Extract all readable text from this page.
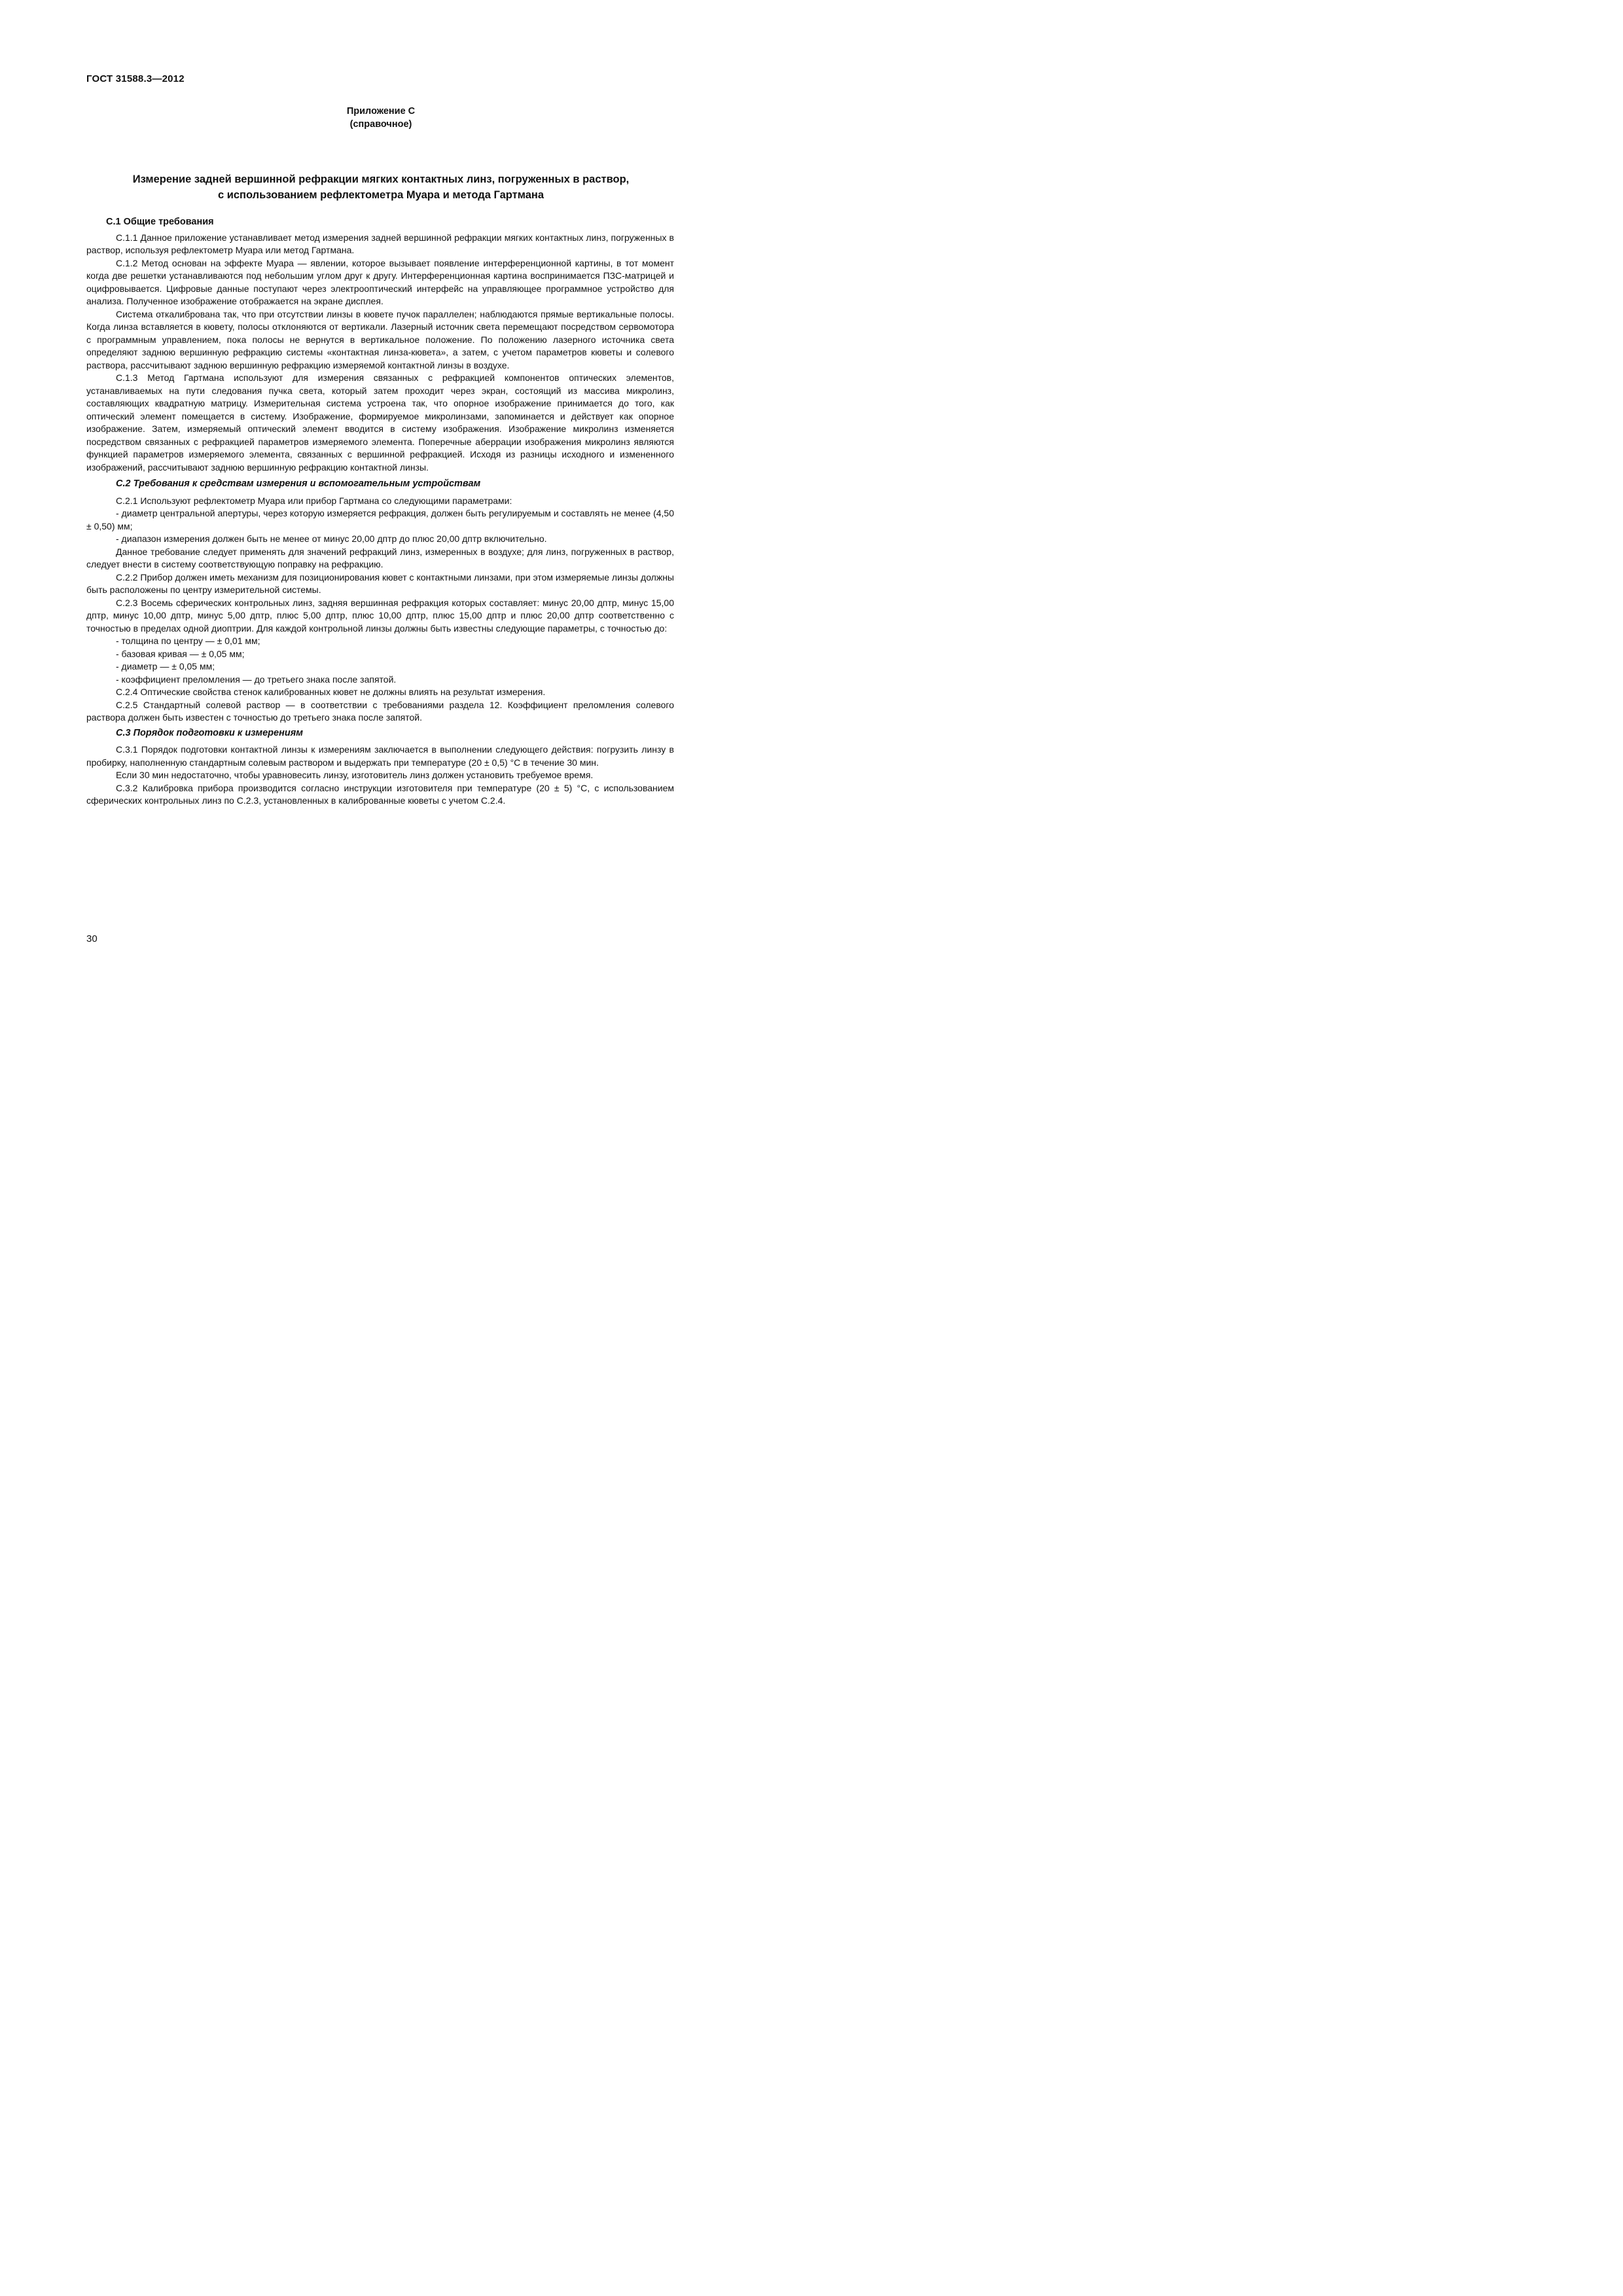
ГОСТ 31588.3—2012
Приложение С
(справочное)
Измерение задней вершинной рефракции мягких контактных линз, погруженных в раствор,
с использованием рефлектометра Муара и метода Гартмана
С.1 Общие требования

С.1.1 Данное приложение устанавливает метод измерения задней вершинной рефракции мягких контактных линз, погруженных в раствор, используя рефлектометр Муара или метод Гартмана.

С.1.2 Метод основан на эффекте Муара — явлении, которое вызывает появление интерференционной картины, в тот момент когда две решетки устанавливаются под небольшим углом друг к другу. Интерференционная картина воспринимается ПЗС-матрицей и оцифровывается. Цифровые данные поступают через электрооптический интерфейс на управляющее программное устройство для анализа. Полученное изображение отображается на экране дисплея.

Система откалибрована так, что при отсутствии линзы в кювете пучок параллелен; наблюдаются прямые вертикальные полосы. Когда линза вставляется в кювету, полосы отклоняются от вертикали. Лазерный источник света перемещают посредством сервомотора с программным управлением, пока полосы не вернутся в вертикальное положение. По положению лазерного источника света определяют заднюю вершинную рефракцию системы «контактная линза-кювета», а затем, с учетом параметров кюветы и солевого раствора, рассчитывают заднюю вершинную рефракцию измеряемой контактной линзы в воздухе.

С.1.3 Метод Гартмана используют для измерения связанных с рефракцией компонентов оптических элементов, устанавливаемых на пути следования пучка света, который затем проходит через экран, состоящий из массива микролинз, составляющих квадратную матрицу. Измерительная система устроена так, что опорное изображение принимается до того, как оптический элемент помещается в систему. Изображение, формируемое микролинзами, запоминается и действует как опорное изображение. Затем, измеряемый оптический элемент вводится в систему изображения. Изображение микролинз изменяется посредством связанных с рефракцией параметров измеряемого элемента. Поперечные аберрации изображения микролинз являются функцией параметров измеряемого элемента, связанных с вершинной рефракцией. Исходя из разницы исходного и измененного изображений, рассчитывают заднюю вершинную рефракцию контактной линзы.

С.2 Требования к средствам измерения и вспомогательным устройствам

С.2.1 Используют рефлектометр Муара или прибор Гартмана со следующими параметрами:

- диаметр центральной апертуры, через которую измеряется рефракция, должен быть регулируемым и составлять не менее (4,50 ± 0,50) мм;

- диапазон измерения должен быть не менее от минус 20,00 дптр до плюс 20,00 дптр включительно.

Данное требование следует применять для значений рефракций линз, измеренных в воздухе; для линз, погруженных в раствор, следует внести в систему соответствующую поправку на рефракцию.

С.2.2 Прибор должен иметь механизм для позиционирования кювет с контактными линзами, при этом измеряемые линзы должны быть расположены по центру измерительной системы.

С.2.3 Восемь сферических контрольных линз, задняя вершинная рефракция которых составляет: минус 20,00 дптр, минус 15,00 дптр, минус 10,00 дптр, минус 5,00 дптр, плюс 5,00 дптр, плюс 10,00 дптр, плюс 15,00 дптр и плюс 20,00 дптр соответственно с точностью в пределах одной диоптрии. Для каждой контрольной линзы должны быть известны следующие параметры, с точностью до:

- толщина по центру — ± 0,01 мм;

- базовая кривая — ± 0,05 мм;

- диаметр — ± 0,05 мм;

- коэффициент преломления — до третьего знака после запятой.

С.2.4 Оптические свойства стенок калиброванных кювет не должны влиять на результат измерения.

С.2.5 Стандартный солевой раствор — в соответствии с требованиями раздела 12. Коэффициент преломления солевого раствора должен быть известен с точностью до третьего знака после запятой.

С.3 Порядок подготовки к измерениям

С.3.1 Порядок подготовки контактной линзы к измерениям заключается в выполнении следующего действия: погрузить линзу в пробирку, наполненную стандартным солевым раствором и выдержать при температуре (20 ± 0,5) °С в течение 30 мин.

Если 30 мин недостаточно, чтобы уравновесить линзу, изготовитель линз должен установить требуемое время.

С.3.2 Калибровка прибора производится согласно инструкции изготовителя при температуре (20 ± 5) °С, с использованием сферических контрольных линз по С.2.3, установленных в калиброванные кюветы с учетом С.2.4.

30
